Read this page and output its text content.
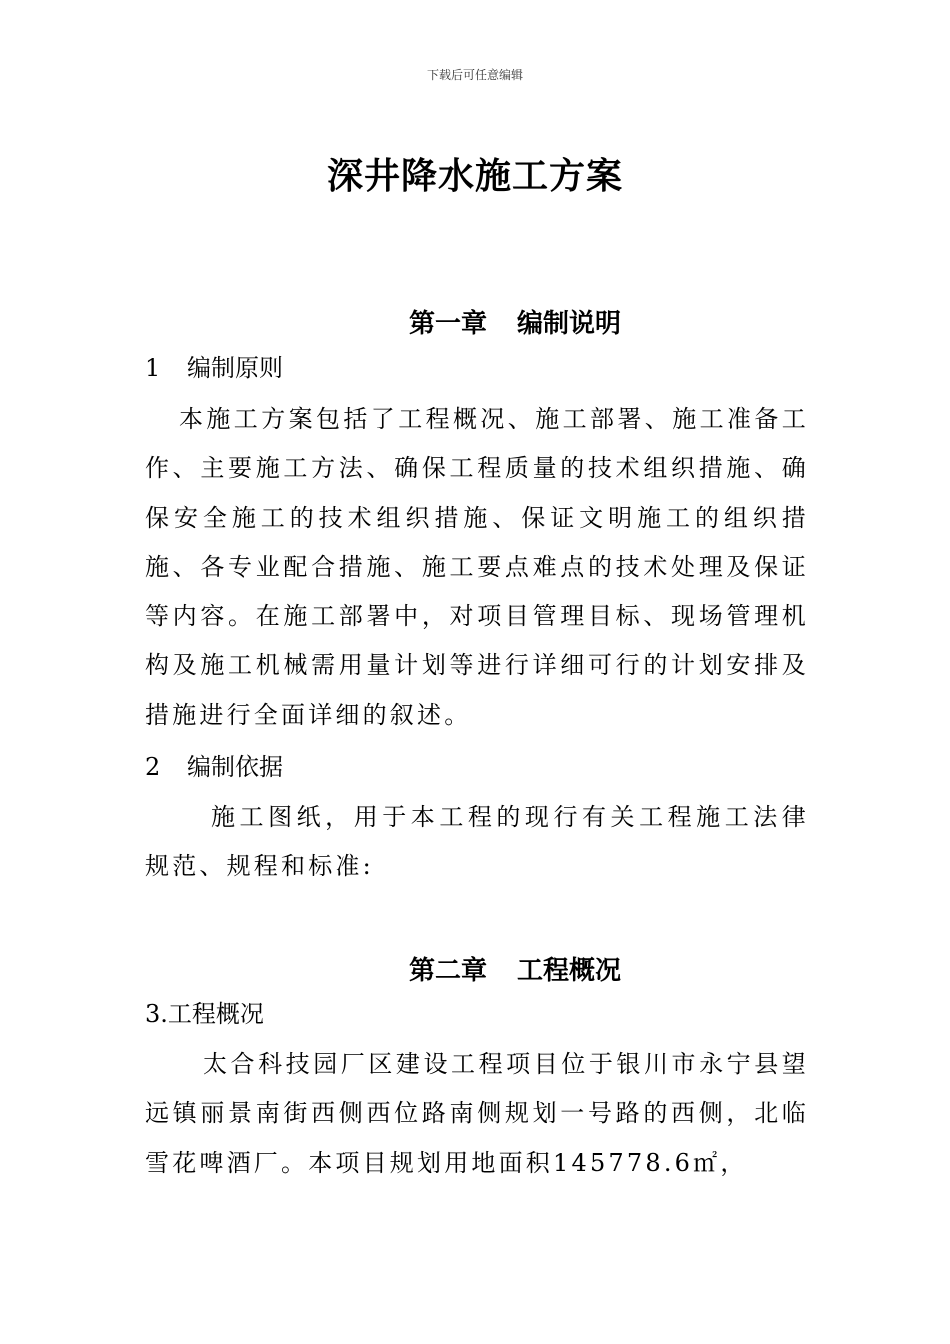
下载后可任意编辑
深井降水施工方案
第一章 编制说明
1 编制原则

本施工方案包括了工程概况、施工部署、施工准备工作、主要施工方法、确保工程质量的技术组织措施、确保安全施工的技术组织措施、保证文明施工的组织措施、各专业配合措施、施工要点难点的技术处理及保证等内容。在施工部署中，对项目管理目标、现场管理机构及施工机械需用量计划等进行详细可行的计划安排及措施进行全面详细的叙述。

2 编制依据

施工图纸，用于本工程的现行有关工程施工法律规范、规程和标准:

第二章 工程概况
3.工程概况

太合科技园厂区建设工程项目位于银川市永宁县望远镇丽景南街西侧西位路南侧规划一号路的西侧，北临雪花啤酒厂。本项目规划用地面积145778.6㎡，
